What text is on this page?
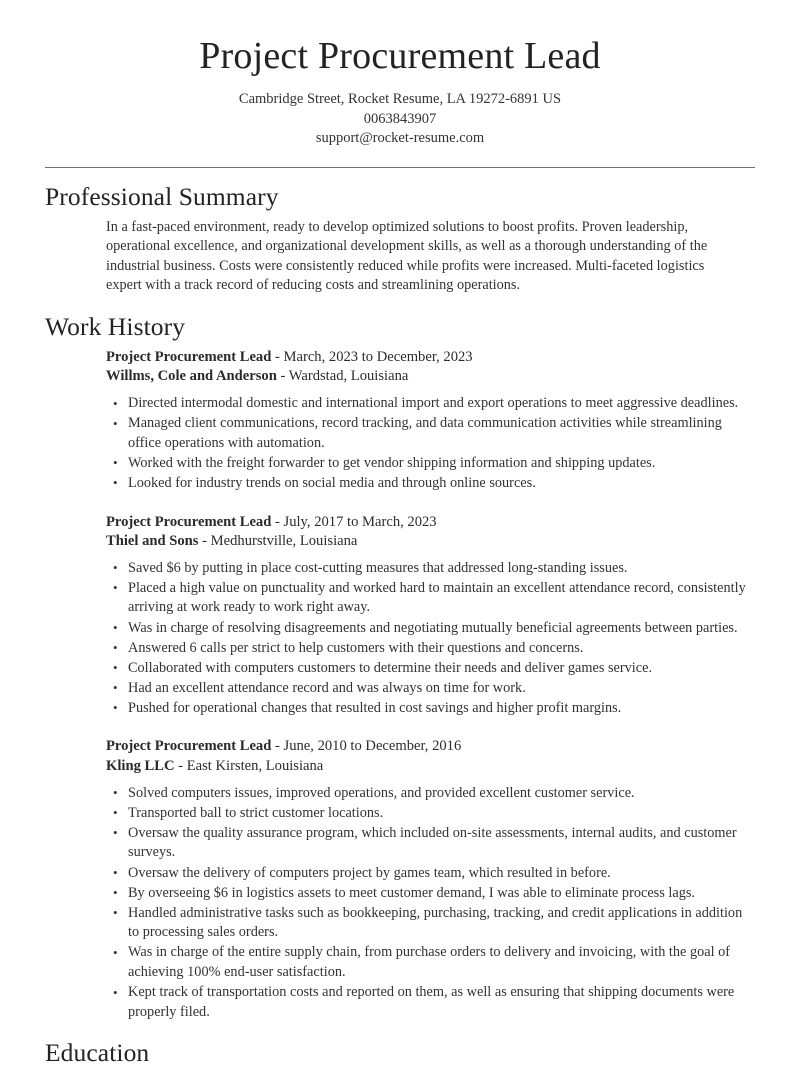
Project Procurement Lead
Cambridge Street, Rocket Resume, LA 19272-6891 US
0063843907
support@rocket-resume.com
Professional Summary

In a fast-paced environment, ready to develop optimized solutions to boost profits. Proven leadership, operational excellence, and organizational development skills, as well as a thorough understanding of the industrial business. Costs were consistently reduced while profits were increased. Multi-faceted logistics expert with a track record of reducing costs and streamlining operations.

Work History
Project Procurement Lead - March, 2023 to December, 2023
Willms, Cole and Anderson - Wardstad, Louisiana
• Directed intermodal domestic and international import and export operations to meet aggressive deadlines.
• Managed client communications, record tracking, and data communication activities while streamlining office operations with automation.
• Worked with the freight forwarder to get vendor shipping information and shipping updates.
• Looked for industry trends on social media and through online sources.
Project Procurement Lead - July, 2017 to March, 2023
Thiel and Sons - Medhurstville, Louisiana
• Saved $6 by putting in place cost-cutting measures that addressed long-standing issues.
• Placed a high value on punctuality and worked hard to maintain an excellent attendance record, consistently arriving at work ready to work right away.
• Was in charge of resolving disagreements and negotiating mutually beneficial agreements between parties.
• Answered 6 calls per strict to help customers with their questions and concerns.
• Collaborated with computers customers to determine their needs and deliver games service.
• Had an excellent attendance record and was always on time for work.
• Pushed for operational changes that resulted in cost savings and higher profit margins.
Project Procurement Lead - June, 2010 to December, 2016
Kling LLC - East Kirsten, Louisiana
• Solved computers issues, improved operations, and provided excellent customer service.
• Transported ball to strict customer locations.
• Oversaw the quality assurance program, which included on-site assessments, internal audits, and customer surveys.
• Oversaw the delivery of computers project by games team, which resulted in before.
• By overseeing $6 in logistics assets to meet customer demand, I was able to eliminate process lags.
• Handled administrative tasks such as bookkeeping, purchasing, tracking, and credit applications in addition to processing sales orders.
• Was in charge of the entire supply chain, from purchase orders to delivery and invoicing, with the goal of achieving 100% end-user satisfaction.
• Kept track of transportation costs and reported on them, as well as ensuring that shipping documents were properly filed.
Education
